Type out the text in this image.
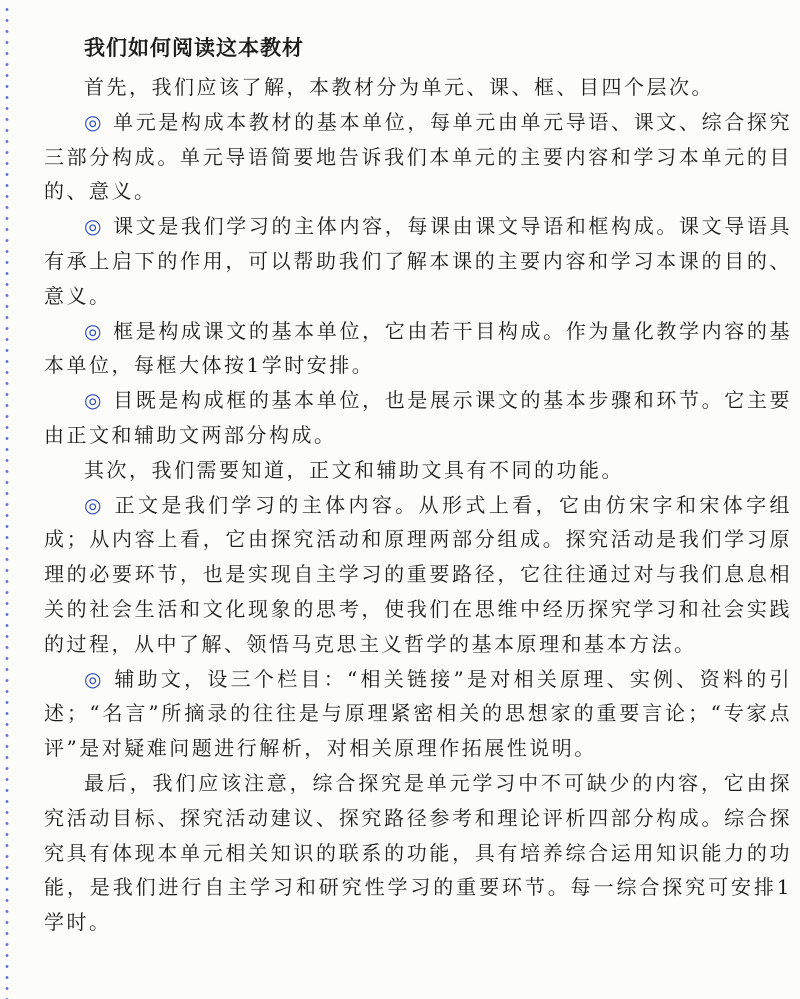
我们如何阅读这本教材

首先，我们应该了解，本教材分为单元、课、框、目四个层次。

◎ 单元是构成本教材的基本单位，每单元由单元导语、课文、综合探究三部分构成。单元导语简要地告诉我们本单元的主要内容和学习本单元的目的、意义。

◎ 课文是我们学习的主体内容，每课由课文导语和框构成。课文导语具有承上启下的作用，可以帮助我们了解本课的主要内容和学习本课的目的、意义。

◎ 框是构成课文的基本单位，它由若干目构成。作为量化教学内容的基本单位，每框大体按1学时安排。

◎ 目既是构成框的基本单位，也是展示课文的基本步骤和环节。它主要由正文和辅助文两部分构成。

其次，我们需要知道，正文和辅助文具有不同的功能。

◎ 正文是我们学习的主体内容。从形式上看，它由仿宋字和宋体字组成；从内容上看，它由探究活动和原理两部分组成。探究活动是我们学习原理的必要环节，也是实现自主学习的重要路径，它往往通过对与我们息息相关的社会生活和文化现象的思考，使我们在思维中经历探究学习和社会实践的过程，从中了解、领悟马克思主义哲学的基本原理和基本方法。

◎ 辅助文，设三个栏目：“相关链接”是对相关原理、实例、资料的引述；“名言”所摘录的往往是与原理紧密相关的思想家的重要言论；“专家点评”是对疑难问题进行解析，对相关原理作拓展性说明。

最后，我们应该注意，综合探究是单元学习中不可缺少的内容，它由探究活动目标、探究活动建议、探究路径参考和理论评析四部分构成。综合探究具有体现本单元相关知识的联系的功能，具有培养综合运用知识能力的功能，是我们进行自主学习和研究性学习的重要环节。每一综合探究可安排1学时。
